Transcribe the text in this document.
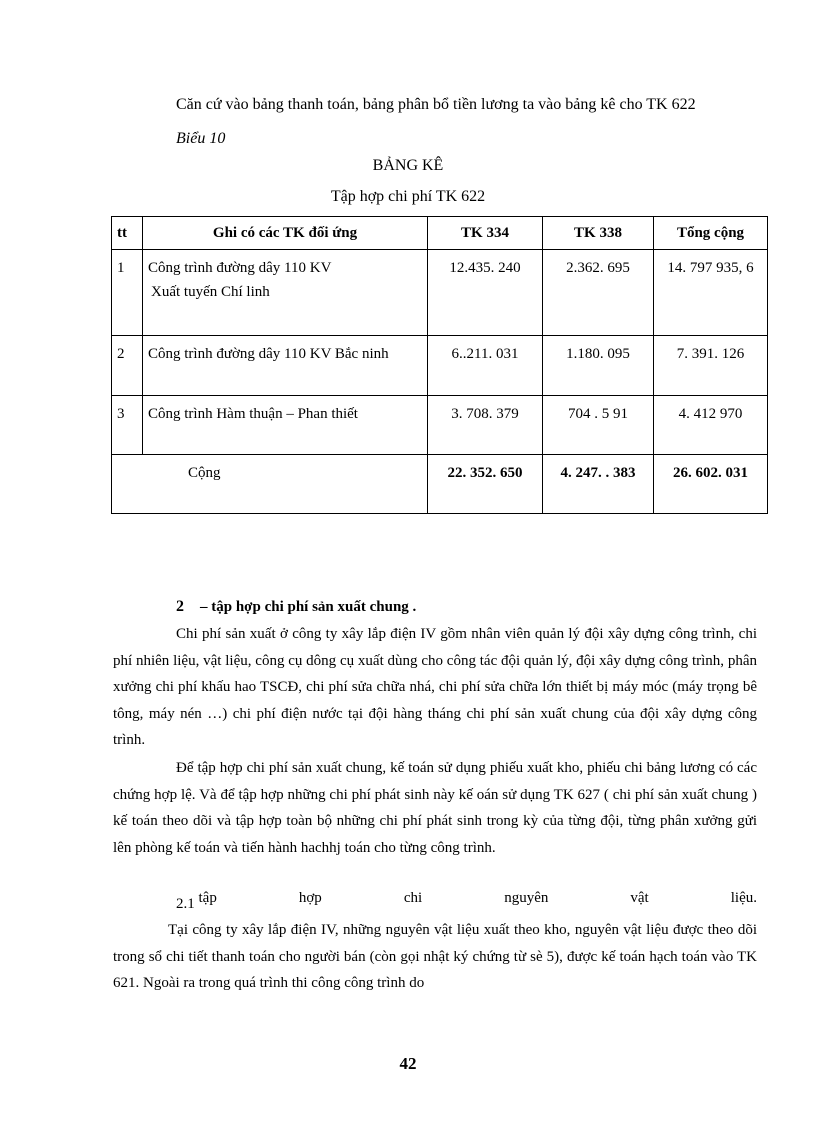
Căn cứ vào bảng thanh toán, bảng phân bổ tiền lương ta vào bảng kê cho TK 622
Biểu 10
BẢNG KÊ
Tập hợp chi phí TK 622
tt	Ghi có các TK đối ứng	TK 334	TK 338	Tổng cộng
1	Công trình đường dây 110 KV
Xuất tuyến Chí linh	12.435. 240	2.362. 695	14. 797 935, 6
2	Công trình đường dây 110 KV Bắc ninh	6..211. 031	1.180. 095	7. 391. 126
3	Công trình Hàm thuận – Phan thiết	3. 708. 379	704 . 5 91	4. 412 970
Cộng		22. 352. 650	4. 247. . 383	26. 602. 031
2 – tập hợp chi phí sản xuất chung .

Chi phí sản xuất ở công ty xây lắp điện IV gồm nhân viên quản lý đội xây dựng công trình, chi phí nhiên liệu, vật liệu, công cụ dông cụ xuất dùng cho công tác đội quản lý, đội xây dựng công trình, phân xưởng chi phí khấu hao TSCĐ, chi phí sửa chữa nhá, chi phí sửa chữa lớn thiết bị máy móc (máy trọng bê tông, máy nén …) chi phí điện nước tại đội hàng tháng chi phí sản xuất chung của đội xây dựng công trình.

Để tập hợp chi phí sản xuất chung, kế toán sử dụng phiếu xuất kho, phiếu chi bảng lương có các chứng hợp lệ. Và để tập hợp những chi phí phát sinh này kế oán sử dụng TK 627 ( chi phí sản xuất chung ) kế toán theo dõi và tập hợp toàn bộ những chi phí phát sinh trong kỳ của từng đội, từng phân xưởng gửi lên phòng kế toán và tiến hành hachhj toán cho từng công trình.

2.1 tập	hợp	chi	nguyên	vật	liệu.

Tại công ty xây lắp điện IV, những nguyên vật liệu xuất theo kho, nguyên vật liệu được theo dõi trong sổ chi tiết thanh toán cho người bán (còn gọi nhật ký chứng từ sè 5), được kế toán hạch toán vào TK 621. Ngoài ra trong quá trình thi công công trình do

42
